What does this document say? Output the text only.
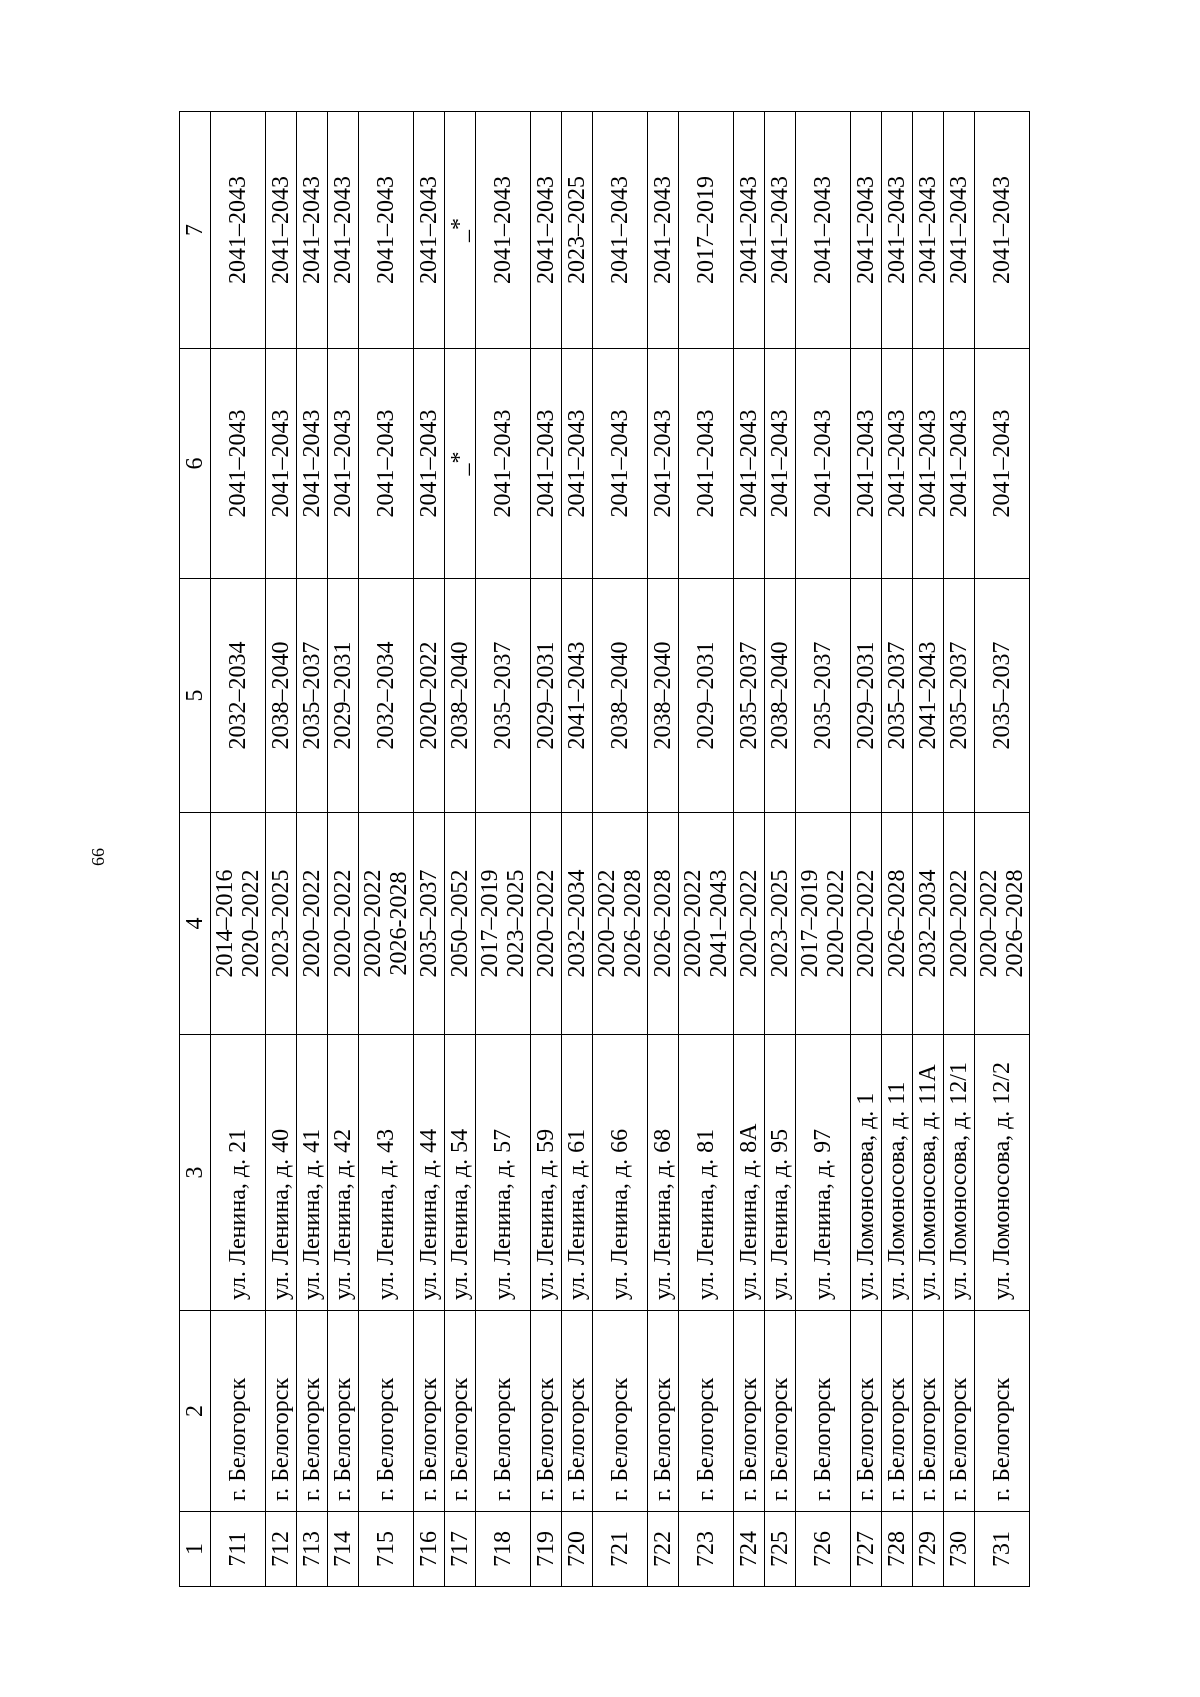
66
1	2	3	4	5	6	7
711	г. Белогорск	ул. Ленина, д. 21	2014–2016 2020–2022	2032–2034	2041–2043	2041–2043
712	г. Белогорск	ул. Ленина, д. 40	2023–2025	2038–2040	2041–2043	2041–2043
713	г. Белогорск	ул. Ленина, д. 41	2020–2022	2035–2037	2041–2043	2041–2043
714	г. Белогорск	ул. Ленина, д. 42	2020–2022	2029–2031	2041–2043	2041–2043
715	г. Белогорск	ул. Ленина, д. 43	2020–2022 2026-2028	2032–2034	2041–2043	2041–2043
716	г. Белогорск	ул. Ленина, д. 44	2035–2037	2020–2022	2041–2043	2041–2043
717	г. Белогорск	ул. Ленина, д. 54	2050–2052	2038–2040	_*	_*
718	г. Белогорск	ул. Ленина, д. 57	2017–2019 2023–2025	2035–2037	2041–2043	2041–2043
719	г. Белогорск	ул. Ленина, д. 59	2020–2022	2029–2031	2041–2043	2041–2043
720	г. Белогорск	ул. Ленина, д. 61	2032–2034	2041–2043	2041–2043	2023–2025
721	г. Белогорск	ул. Ленина, д. 66	2020–2022 2026–2028	2038–2040	2041–2043	2041–2043
722	г. Белогорск	ул. Ленина, д. 68	2026–2028	2038–2040	2041–2043	2041–2043
723	г. Белогорск	ул. Ленина, д. 81	2020–2022 2041–2043	2029–2031	2041–2043	2017–2019
724	г. Белогорск	ул. Ленина, д. 8А	2020–2022	2035–2037	2041–2043	2041–2043
725	г. Белогорск	ул. Ленина, д. 95	2023–2025	2038–2040	2041–2043	2041–2043
726	г. Белогорск	ул. Ленина, д. 97	2017–2019 2020–2022	2035–2037	2041–2043	2041–2043
727	г. Белогорск	ул. Ломоносова, д. 1	2020–2022	2029–2031	2041–2043	2041–2043
728	г. Белогорск	ул. Ломоносова, д. 11	2026–2028	2035–2037	2041–2043	2041–2043
729	г. Белогорск	ул. Ломоносова, д. 11А	2032–2034	2041–2043	2041–2043	2041–2043
730	г. Белогорск	ул. Ломоносова, д. 12/1	2020–2022	2035–2037	2041–2043	2041–2043
731	г. Белогорск	ул. Ломоносова, д. 12/2	2020–2022 2026–2028	2035–2037	2041–2043	2041–2043
